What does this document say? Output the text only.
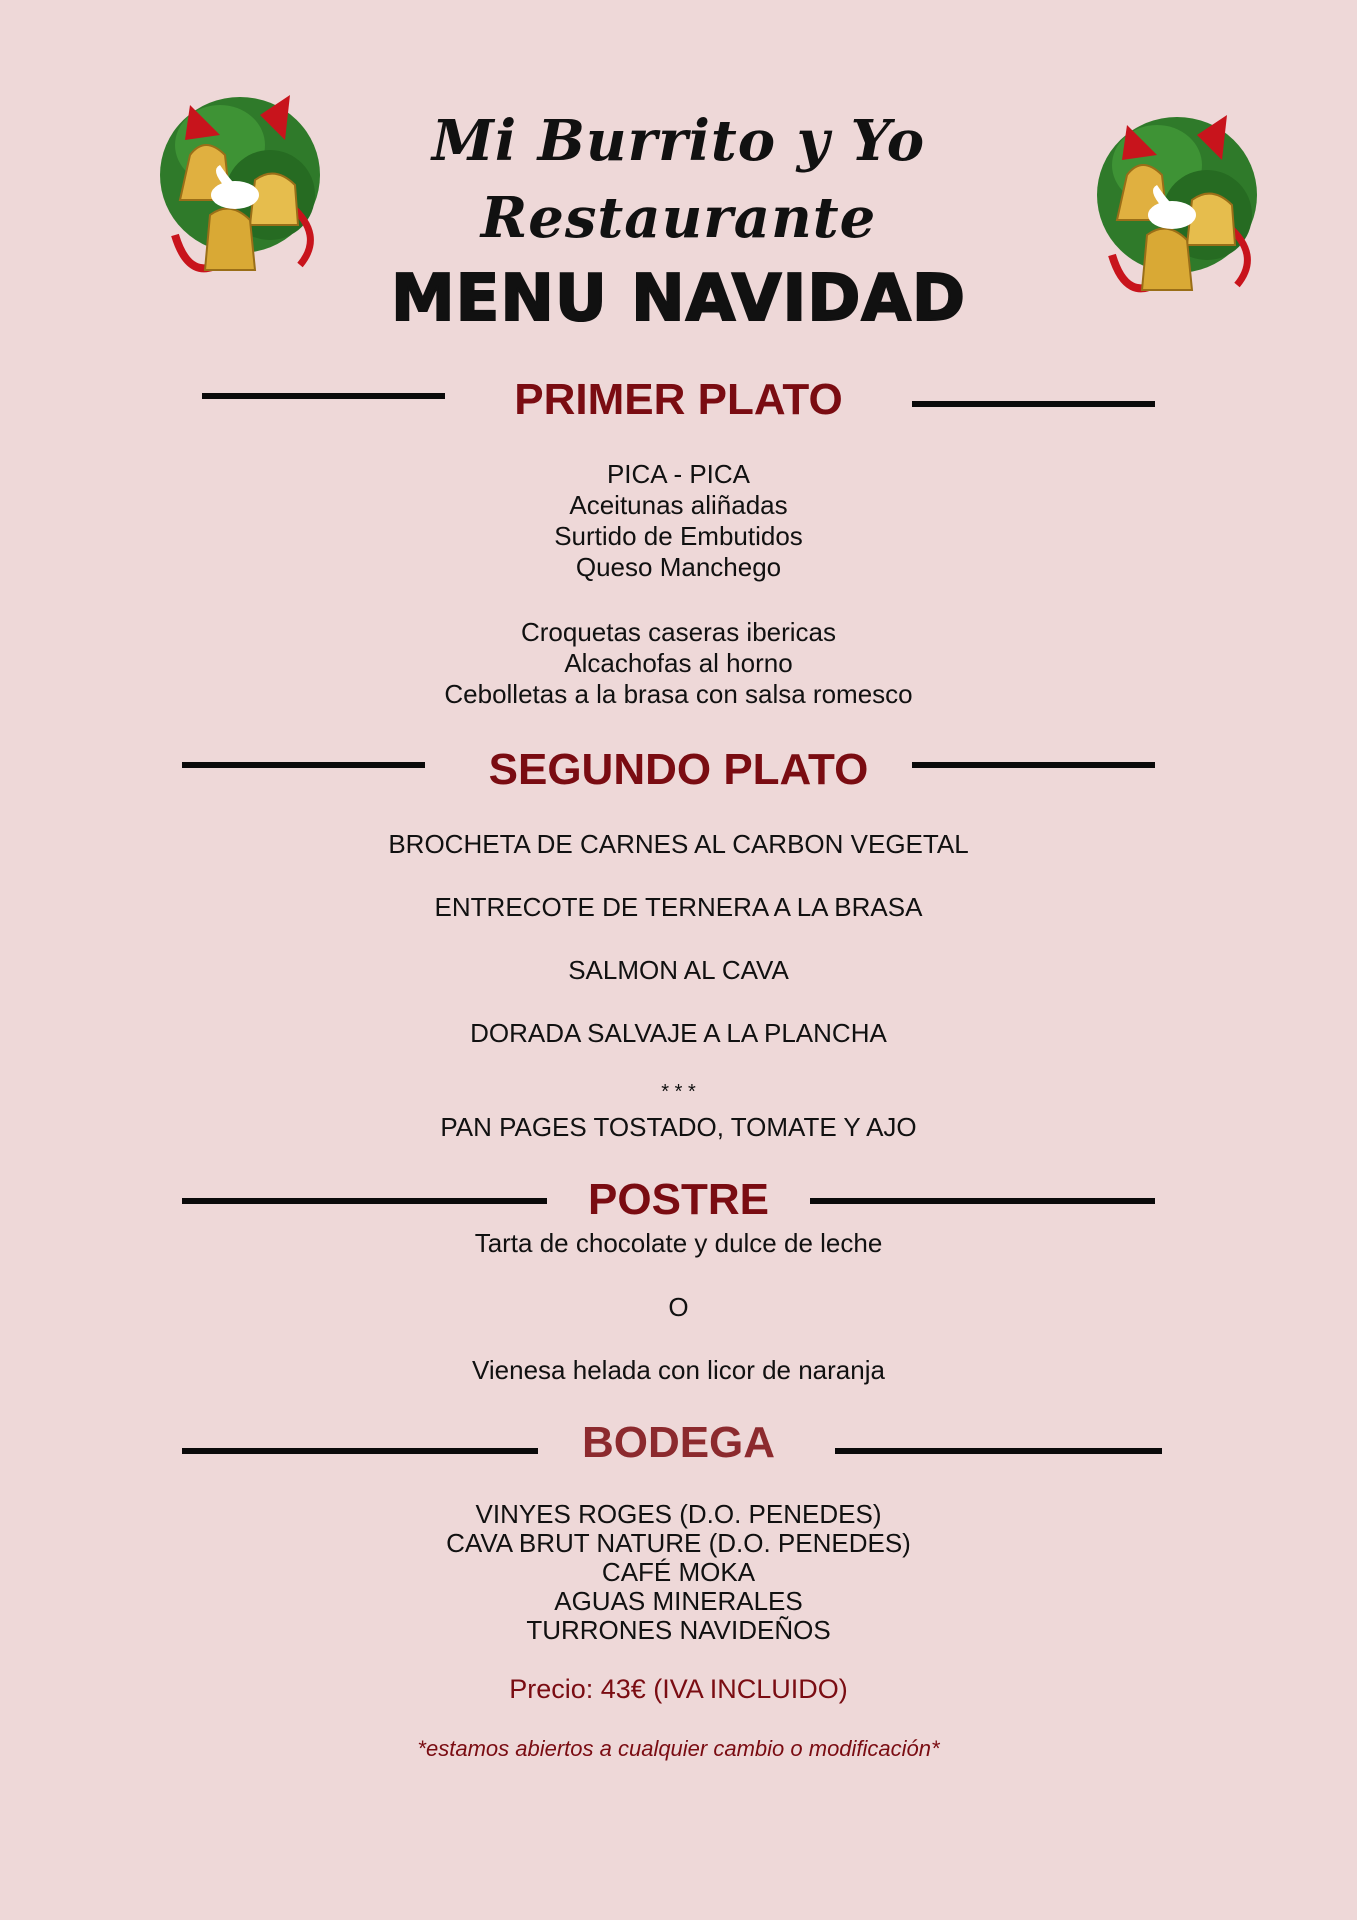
Mi Burrito y Yo
Restaurante
MENU NAVIDAD
PRIMER PLATO
PICA - PICA
Aceitunas aliñadas
Surtido de Embutidos
Queso Manchego
Croquetas caseras ibericas
Alcachofas al horno
Cebolletas a la brasa con salsa romesco
SEGUNDO PLATO
BROCHETA DE CARNES AL CARBON VEGETAL
ENTRECOTE DE TERNERA A LA BRASA
SALMON AL CAVA
DORADA SALVAJE A LA PLANCHA
* * *
PAN PAGES TOSTADO, TOMATE Y AJO
POSTRE
Tarta de chocolate y dulce de leche
O
Vienesa helada con licor de naranja
BODEGA
VINYES ROGES (D.O. PENEDES)
CAVA BRUT NATURE (D.O. PENEDES)
CAFÉ MOKA
AGUAS MINERALES
TURRONES NAVIDEÑOS
Precio: 43€ (IVA INCLUIDO)
*estamos abiertos a cualquier cambio o modificación*
